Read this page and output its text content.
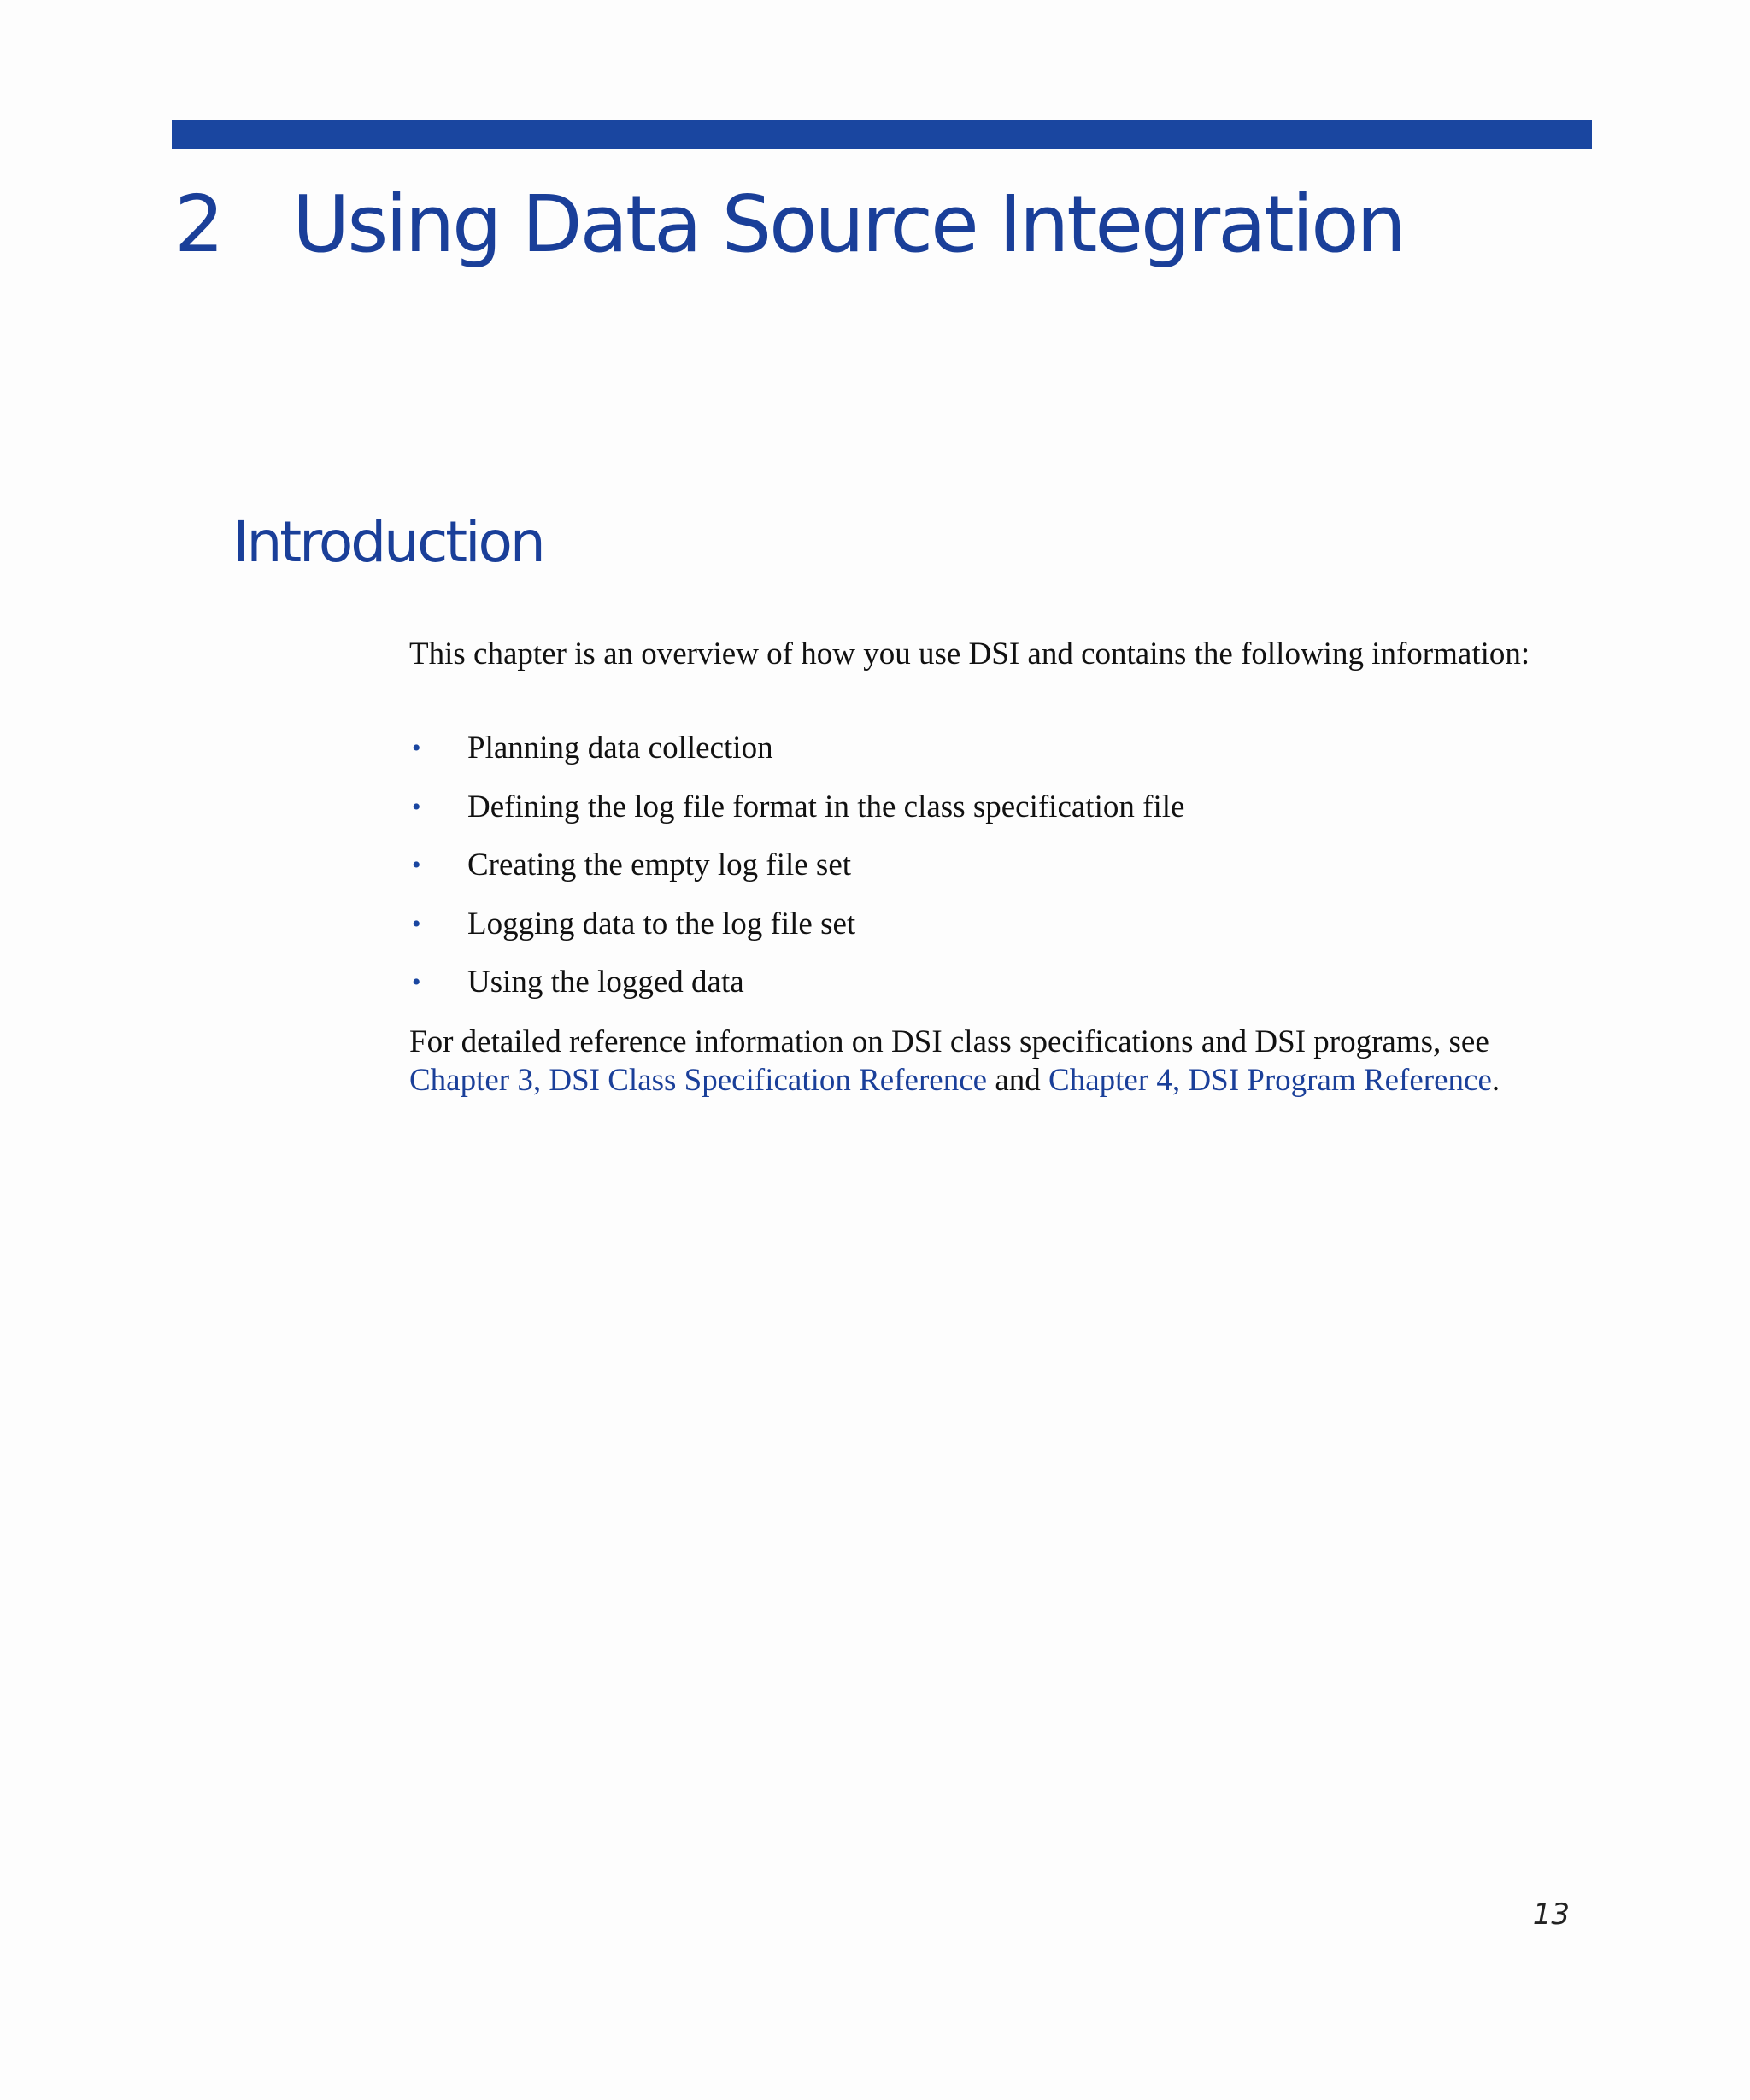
2 Using Data Source Integration
Introduction

This chapter is an overview of how you use DSI and contains the following information:

• Planning data collection
• Defining the log file format in the class specification file
• Creating the empty log file set
• Logging data to the log file set
• Using the logged data

For detailed reference information on DSI class specifications and DSI programs, see Chapter 3, DSI Class Specification Reference and Chapter 4, DSI Program Reference.

13
